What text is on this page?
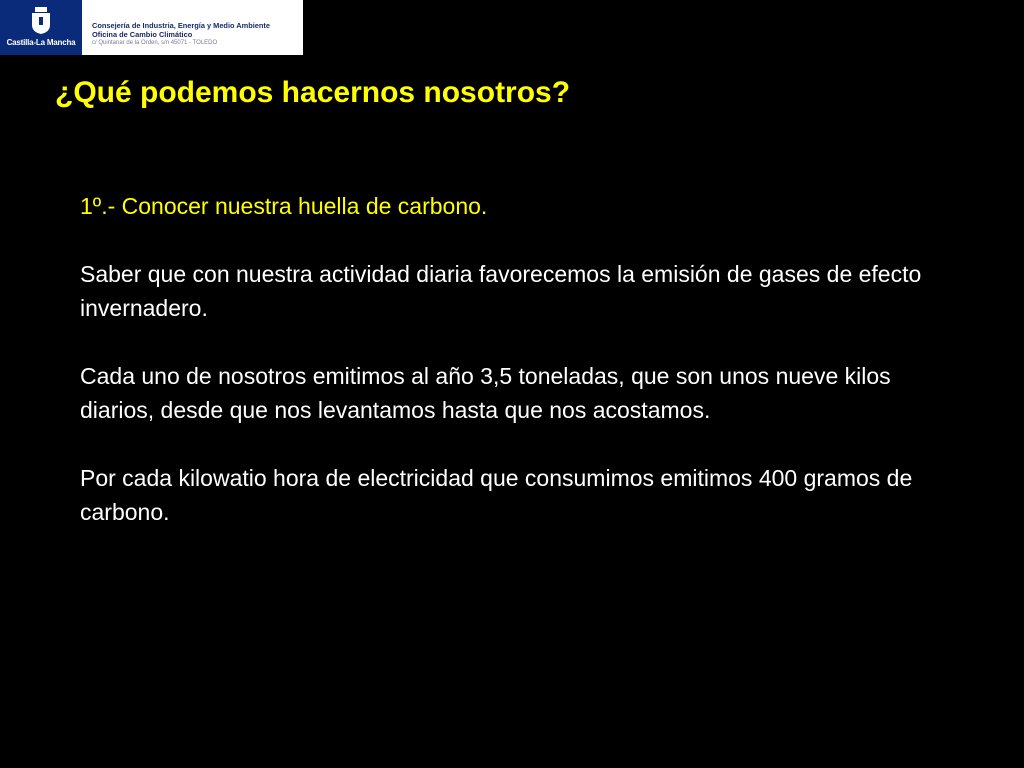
Castilla-La Mancha
Consejería de Industria, Energía y Medio Ambiente
Oficina de Cambio Climático
c/ Quintanar de la Orden, s/n 45071 - TOLEDO
¿Qué podemos hacernos nosotros?

1º.- Conocer nuestra huella de carbono.

Saber que con nuestra actividad diaria favorecemos la emisión de gases de efecto invernadero.

Cada uno de nosotros emitimos al año 3,5 toneladas, que son unos nueve kilos diarios, desde que nos levantamos hasta que nos acostamos.

Por cada kilowatio hora de electricidad que consumimos emitimos 400 gramos de carbono.
